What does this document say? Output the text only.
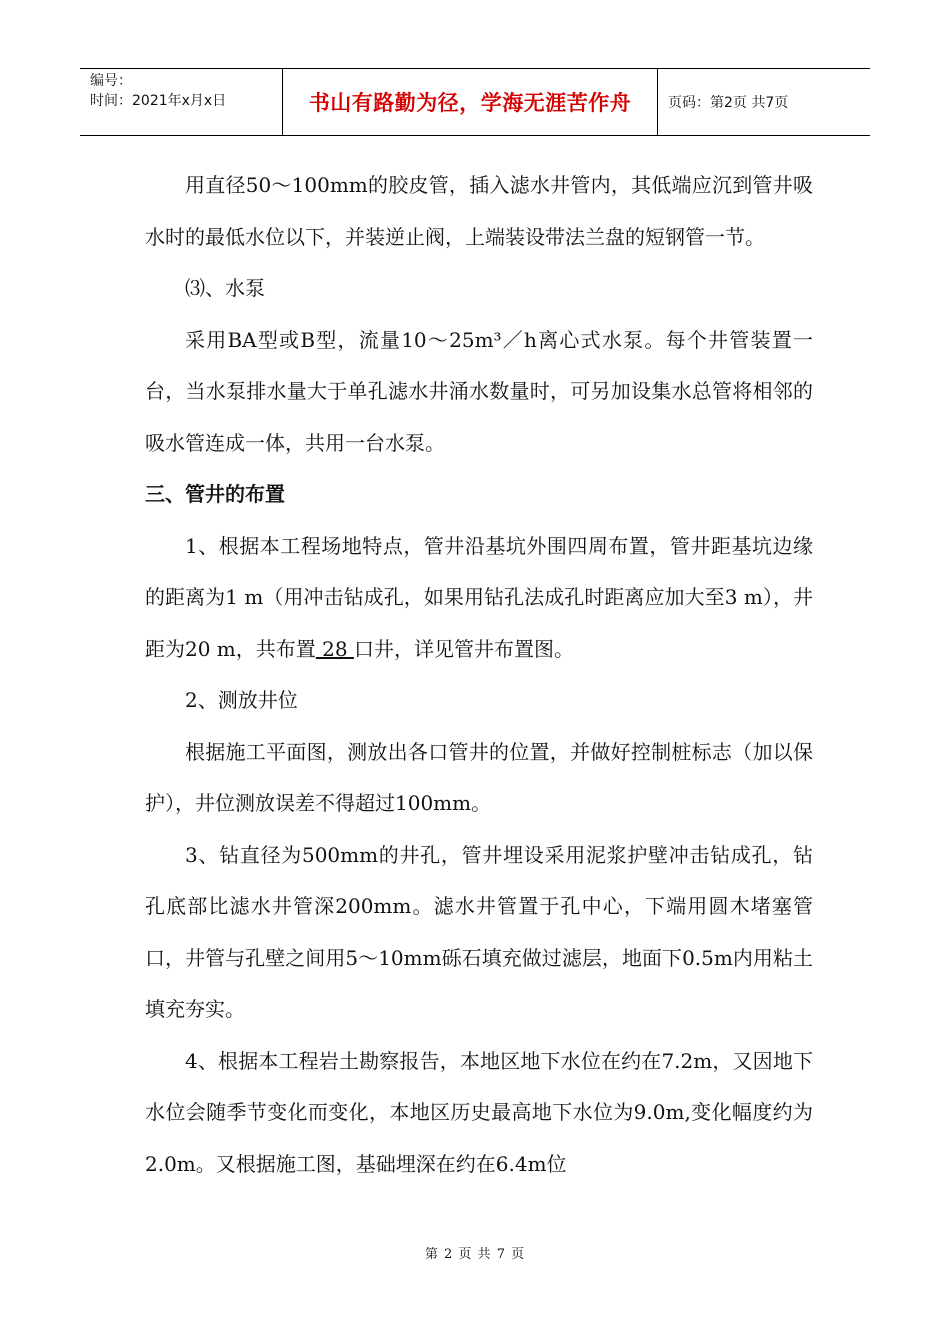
编号：
时间：2021年x月x日	书山有路勤为径，学海无涯苦作舟	页码：第2页 共7页

用直径50～100mm的胶皮管，插入滤水井管内，其低端应沉到管井吸水时的最低水位以下，并装逆止阀，上端装设带法兰盘的短钢管一节。

⑶、水泵

采用BA型或B型，流量10～25m³／h离心式水泵。每个井管装置一台，当水泵排水量大于单孔滤水井涌水数量时，可另加设集水总管将相邻的吸水管连成一体，共用一台水泵。

三、管井的布置

1、根据本工程场地特点，管井沿基坑外围四周布置，管井距基坑边缘的距离为1 m（用冲击钻成孔，如果用钻孔法成孔时距离应加大至3 m），井距为20 m，共布置 28 口井，详见管井布置图。

2、测放井位

根据施工平面图，测放出各口管井的位置，并做好控制桩标志（加以保护），井位测放误差不得超过100mm。

3、钻直径为500mm的井孔，管井埋设采用泥浆护壁冲击钻成孔，钻孔底部比滤水井管深200mm。滤水井管置于孔中心，下端用圆木堵塞管口，井管与孔壁之间用5～10mm砾石填充做过滤层，地面下0.5m内用粘土填充夯实。

4、根据本工程岩土勘察报告，本地区地下水位在约在7.2m，又因地下水位会随季节变化而变化，本地区历史最高地下水位为9.0m,变化幅度约为2.0m。又根据施工图，基础埋深在约在6.4m位

第 2 页 共 7 页
